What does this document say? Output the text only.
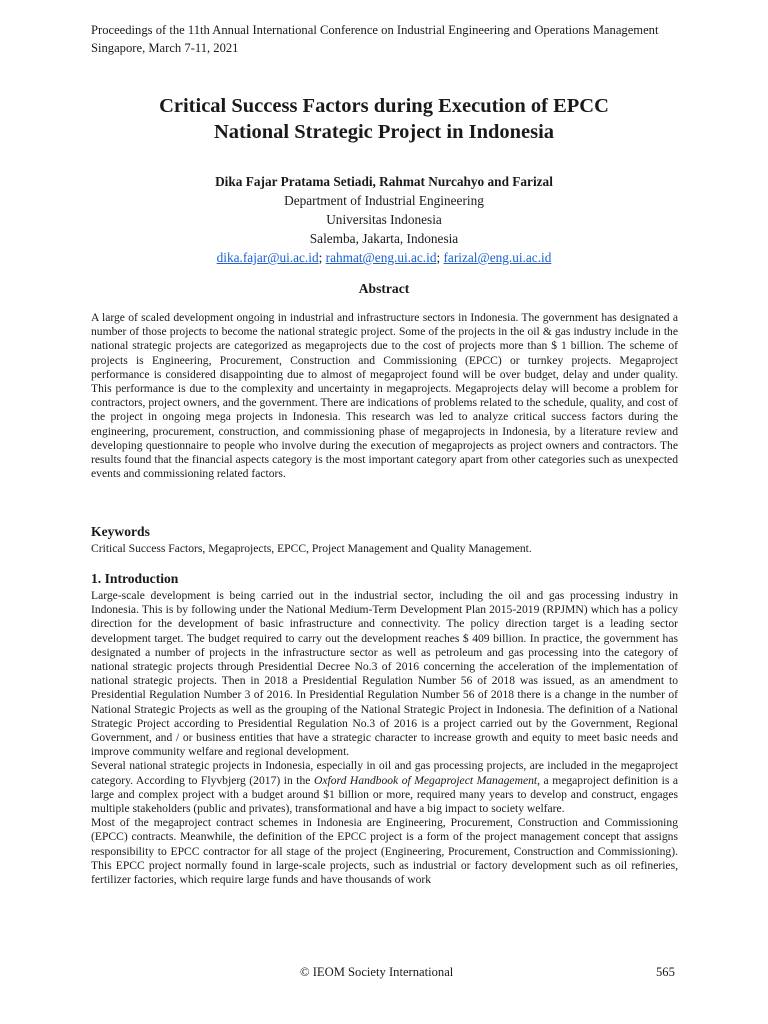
Proceedings of the 11th Annual International Conference on Industrial Engineering and Operations Management
Singapore, March 7-11, 2021
Critical Success Factors during Execution of EPCC
National Strategic Project in Indonesia
Dika Fajar Pratama Setiadi, Rahmat Nurcahyo and Farizal
Department of Industrial Engineering
Universitas Indonesia
Salemba, Jakarta, Indonesia
dika.fajar@ui.ac.id; rahmat@eng.ui.ac.id; farizal@eng.ui.ac.id
Abstract

A large of scaled development ongoing in industrial and infrastructure sectors in Indonesia. The government has designated a number of those projects to become the national strategic project. Some of the projects in the oil & gas industry include in the national strategic projects are categorized as megaprojects due to the cost of projects more than $ 1 billion. The scheme of projects is Engineering, Procurement, Construction and Commissioning (EPCC) or turnkey projects. Megaproject performance is considered disappointing due to almost of megaproject found will be over budget, delay and under quality. This performance is due to the complexity and uncertainty in megaprojects. Megaprojects delay will become a problem for contractors, project owners, and the government. There are indications of problems related to the schedule, quality, and cost of the project in ongoing mega projects in Indonesia. This research was led to analyze critical success factors during the engineering, procurement, construction, and commissioning phase of megaprojects in Indonesia, by a literature review and developing questionnaire to people who involve during the execution of megaprojects as project owners and contractors. The results found that the financial aspects category is the most important category apart from other categories such as unexpected events and commissioning related factors.

Keywords

Critical Success Factors, Megaprojects, EPCC, Project Management and Quality Management.

1. Introduction

Large-scale development is being carried out in the industrial sector, including the oil and gas processing industry in Indonesia. This is by following under the National Medium-Term Development Plan 2015-2019 (RPJMN) which has a policy direction for the development of basic infrastructure and connectivity. The policy direction target is a leading sector development target. The budget required to carry out the development reaches $ 409 billion. In practice, the government has designated a number of projects in the infrastructure sector as well as petroleum and gas processing into the category of national strategic projects through Presidential Decree No.3 of 2016 concerning the acceleration of the implementation of national strategic projects. Then in 2018 a Presidential Regulation Number 56 of 2018 was issued, as an amendment to Presidential Regulation Number 3 of 2016. In Presidential Regulation Number 56 of 2018 there is a change in the number of National Strategic Projects as well as the grouping of the National Strategic Project in Indonesia. The definition of a National Strategic Project according to Presidential Regulation No.3 of 2016 is a project carried out by the Government, Regional Government, and / or business entities that have a strategic character to increase growth and equity to meet basic needs and improve community welfare and regional development.

Several national strategic projects in Indonesia, especially in oil and gas processing projects, are included in the megaproject category. According to Flyvbjerg (2017) in the Oxford Handbook of Megaproject Management, a megaproject definition is a large and complex project with a budget around $1 billion or more, required many years to develop and construct, engages multiple stakeholders (public and privates), transformational and have a big impact to society welfare.

Most of the megaproject contract schemes in Indonesia are Engineering, Procurement, Construction and Commissioning (EPCC) contracts. Meanwhile, the definition of the EPCC project is a form of the project management concept that assigns responsibility to EPCC contractor for all stage of the project (Engineering, Procurement, Construction and Commissioning). This EPCC project normally found in large-scale projects, such as industrial or factory development such as oil refineries, fertilizer factories, which require large funds and have thousands of work

© IEOM Society International	565
